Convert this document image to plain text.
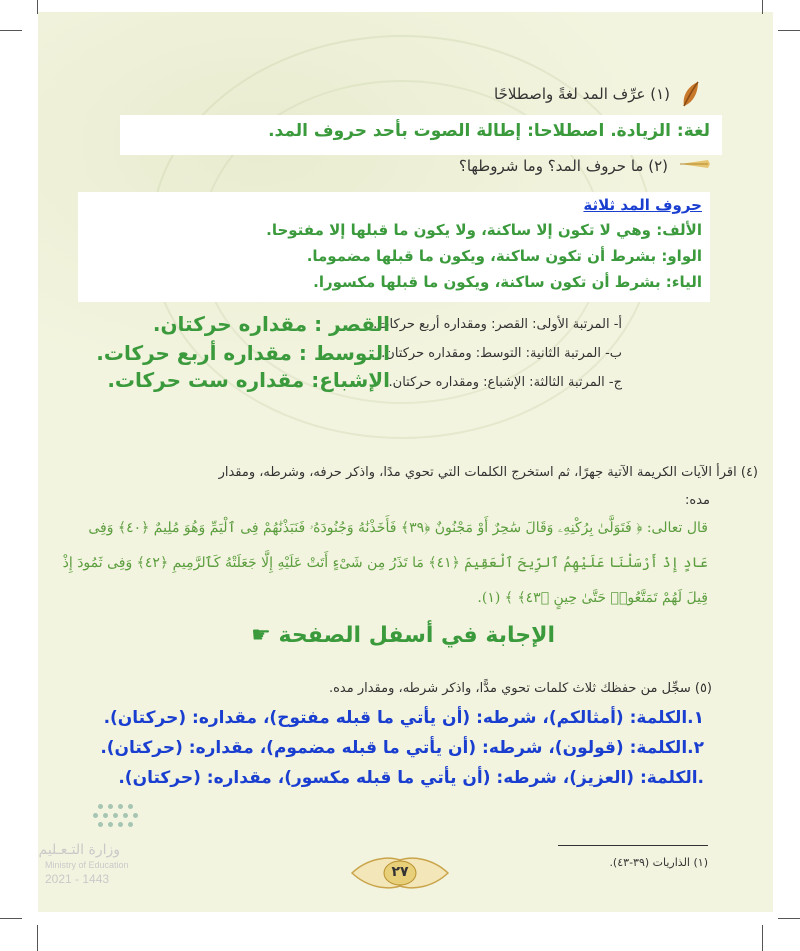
(١) عرِّف المد لغةً واصطلاحًا
لغة: الزيادة. اصطلاحا: إطالة الصوت بأحد حروف المد.
(٢) ما حروف المد؟ وما شروطها؟
حروف المد ثلاثة
الألف: وهي لا تكون إلا ساكنة، ولا يكون ما قبلها إلا مفتوحا.
الواو: بشرط أن تكون ساكنة، ويكون ما قبلها مضموما.
الياء: بشرط أن تكون ساكنة، ويكون ما قبلها مكسورا.
أ- المرتبة الأولى: القصر: ومقداره أربع حركات.
القصر : مقداره حركتان.
ب- المرتبة الثانية: التوسط: ومقداره حركتان.
التوسط : مقداره أربع حركات.
ج- المرتبة الثالثة: الإشباع: ومقداره حركتان.
الإشباع: مقداره ست حركات.
(٤) اقرأ الآيات الكريمة الآتية جهرًا، ثم استخرج الكلمات التي تحوي مدًا، واذكر حرفه، وشرطه، ومقدار
مده:
قال تعالى: ﴿ فَتَوَلَّىٰ بِرُكْنِهِۦ وَقَالَ سَٰحِرٌ أَوْ مَجْنُونٌ ﴿٣٩﴾ فَأَخَذْنَٰهُ وَجُنُودَهُۥ فَنَبَذْنَٰهُمْ فِى ٱلْيَمِّ وَهُوَ مُلِيمٌ ﴿٤٠﴾ وَفِى
عَادٍ إِذْ أَرْسَلْنَا عَلَيْهِمُ ٱلرِّيحَ ٱلْعَقِيمَ ﴿٤١﴾ مَا تَذَرُ مِن شَىْءٍ أَتَتْ عَلَيْهِ إِلَّا جَعَلَتْهُ كَٱلرَّمِيمِ ﴿٤٢﴾ وَفِى ثَمُودَ إِذْ
قِيلَ لَهُمْ تَمَتَّعُوا۟ حَتَّىٰ حِينٍ ﴿٤٣﴾ ﴾ (١).
الإجابة في أسفل الصفحة ☛
(٥) سجِّل من حفظك ثلاث كلمات تحوي مدًّا، واذكر شرطه، ومقدار مده.
١.الكلمة: (أمثالكم)، شرطه: (أن يأتي ما قبله مفتوح)، مقداره: (حركتان).
٢.الكلمة: (قولون)، شرطه: (أن يأتي ما قبله مضموم)، مقداره: (حركتان).
.الكلمة: (العزيز)، شرطه: (أن يأتي ما قبله مكسور)، مقداره: (حركتان).
وزارة التـعـليم
Ministry of Education
2021 - 1443
(١) الذاريات (٣٩-٤٣).
٢٧
